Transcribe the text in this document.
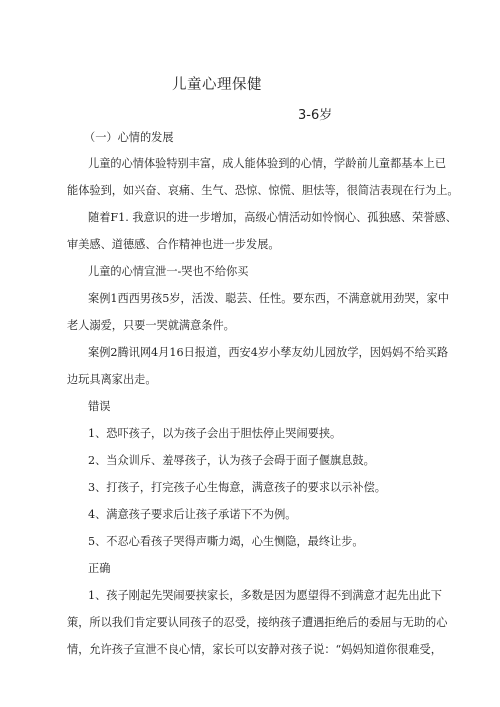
儿童心理保健
3-6岁
（一）心情的发展
儿童的心情体验特别丰富，成人能体验到的心情，学龄前儿童都基本上已
能体验到，如兴奋、哀痛、生气、恐惊、惊慌、胆怯等，很简洁表现在行为上。
随着F1. 我意识的进一步增加，高级心情活动如怜悯心、孤独感、荣誉感、
审美感、道德感、合作精神也进一步发展。
儿童的心情宣泄一-哭也不给你买
案例1西西男孩5岁，活泼、聪芸、任性。要东西，不满意就用劲哭，家中
老人溺爱，只要一哭就满意条件。
案例2腾讯网4月16日报道，西安4岁小孳友幼儿园放学，因妈妈不给买路
边玩具离家出走。
错误
1、恐吓孩子，以为孩子会出于胆怯停止哭闹要挟。
2、当众训斥、羞辱孩子，认为孩子会碍于面子偃旗息鼓。
3、打孩子，打完孩子心生悔意，满意孩子的要求以示补偿。
4、满意孩子要求后让孩子承诺下不为例。
5、不忍心看孩子哭得声嘶力竭，心生恻隐，最终让步。
正确
1、孩子刚起先哭闹要挟家长，多数是因为愿望得不到满意才起先出此下
策，所以我们肯定要认同孩子的忍受，接纳孩子遭遇拒绝后的委屈与无助的心
情，允许孩子宣泄不良心情，家长可以安静对孩子说：“妈妈知道你很难受，
